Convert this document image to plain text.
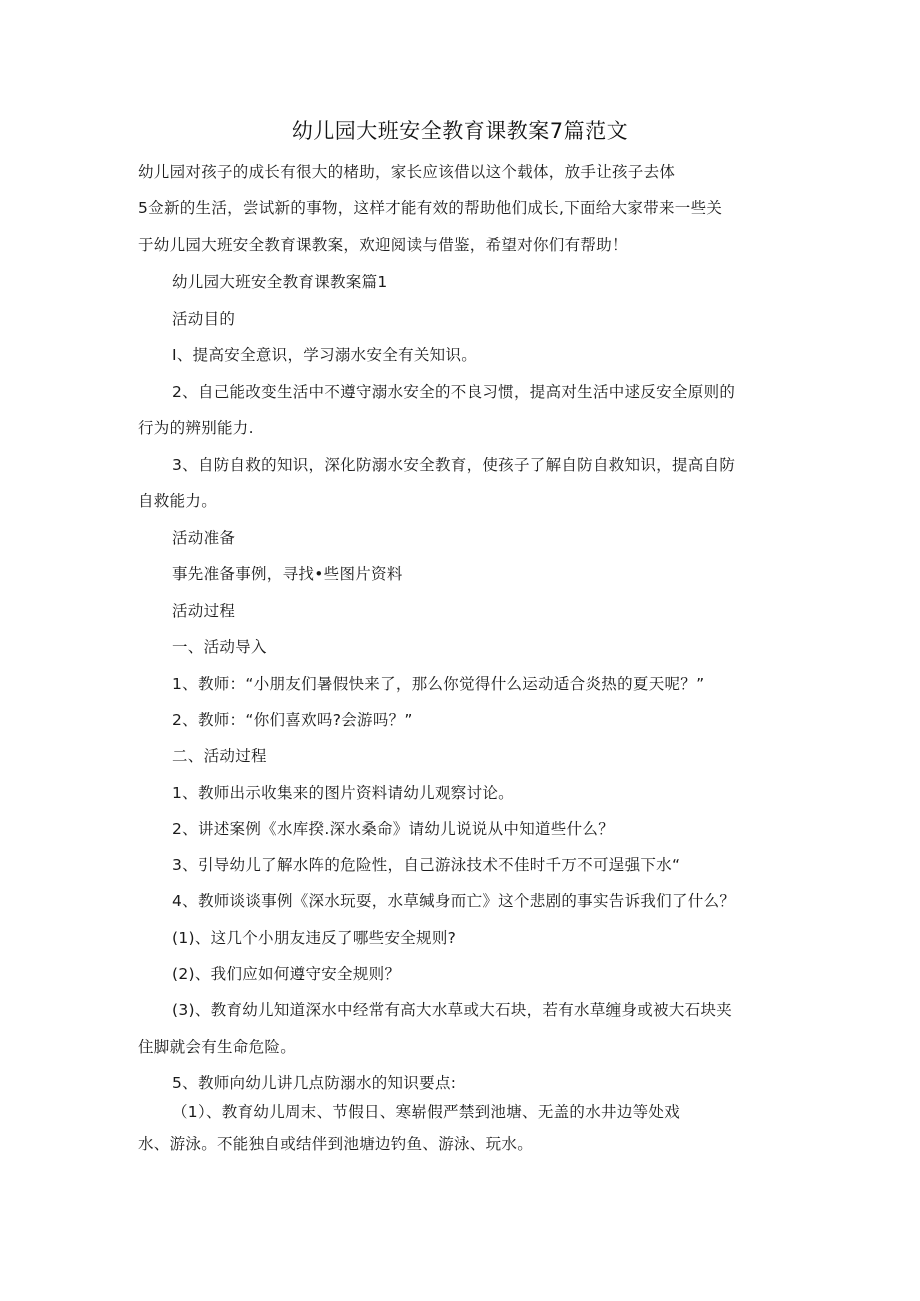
幼儿园大班安全教育课教案7篇范文
幼儿园对孩子的成长有很大的楮助，家长应该借以这个载体，放手让孩子去体
5佥新的生活，尝试新的事物，这样才能有效的帮助他们成长,下面给大家带来一些关
于幼儿园大班安全教育课教案，欢迎阅读与借鉴，希望对你们有帮助！
幼儿园大班安全教育课教案篇1
活动目的
I、提高安全意识，学习溺水安全有关知识。
2、自己能改变生活中不遵守溺水安全的不良习惯，提高对生活中逑反安全原则的
行为的辨别能力.
3、自防自救的知识，深化防溺水安全教育，使孩子了解自防自救知识，提高自防
自救能力。
活动准备
事先准备事例，寻找•些图片资料
活动过程
一、活动导入
1、教师：“小朋友们暑假快来了，那么你觉得什么运动适合炎热的夏天呢？”
2、教师：“你们喜欢吗?会游吗？”
二、活动过程
1、教师出示收集来的图片资料请幼儿观察讨论。
2、讲述案例《水库揆.深水桑命》请幼儿说说从中知道些什么？
3、引导幼儿了解水阵的危险性，自己游泳技术不佳时千万不可逞强下水“
4、教师谈谈事例《深水玩耍，水草缄身而亡》这个悲剧的事实告诉我们了什么？
(1)、这几个小朋友违反了哪些安全规则?
(2)、我们应如何遵守安全规则？
(3)、教育幼儿知道深水中经常有高大水草或大石块，若有水草缠身或被大石块夹
住脚就会有生命危险。
5、教师向幼儿讲几点防溺水的知识要点:
（1）、教育幼儿周末、节假日、寒崭假严禁到池塘、无盖的水井边等处戏
水、游泳。不能独自或结伴到池塘边钓鱼、游泳、玩水。
